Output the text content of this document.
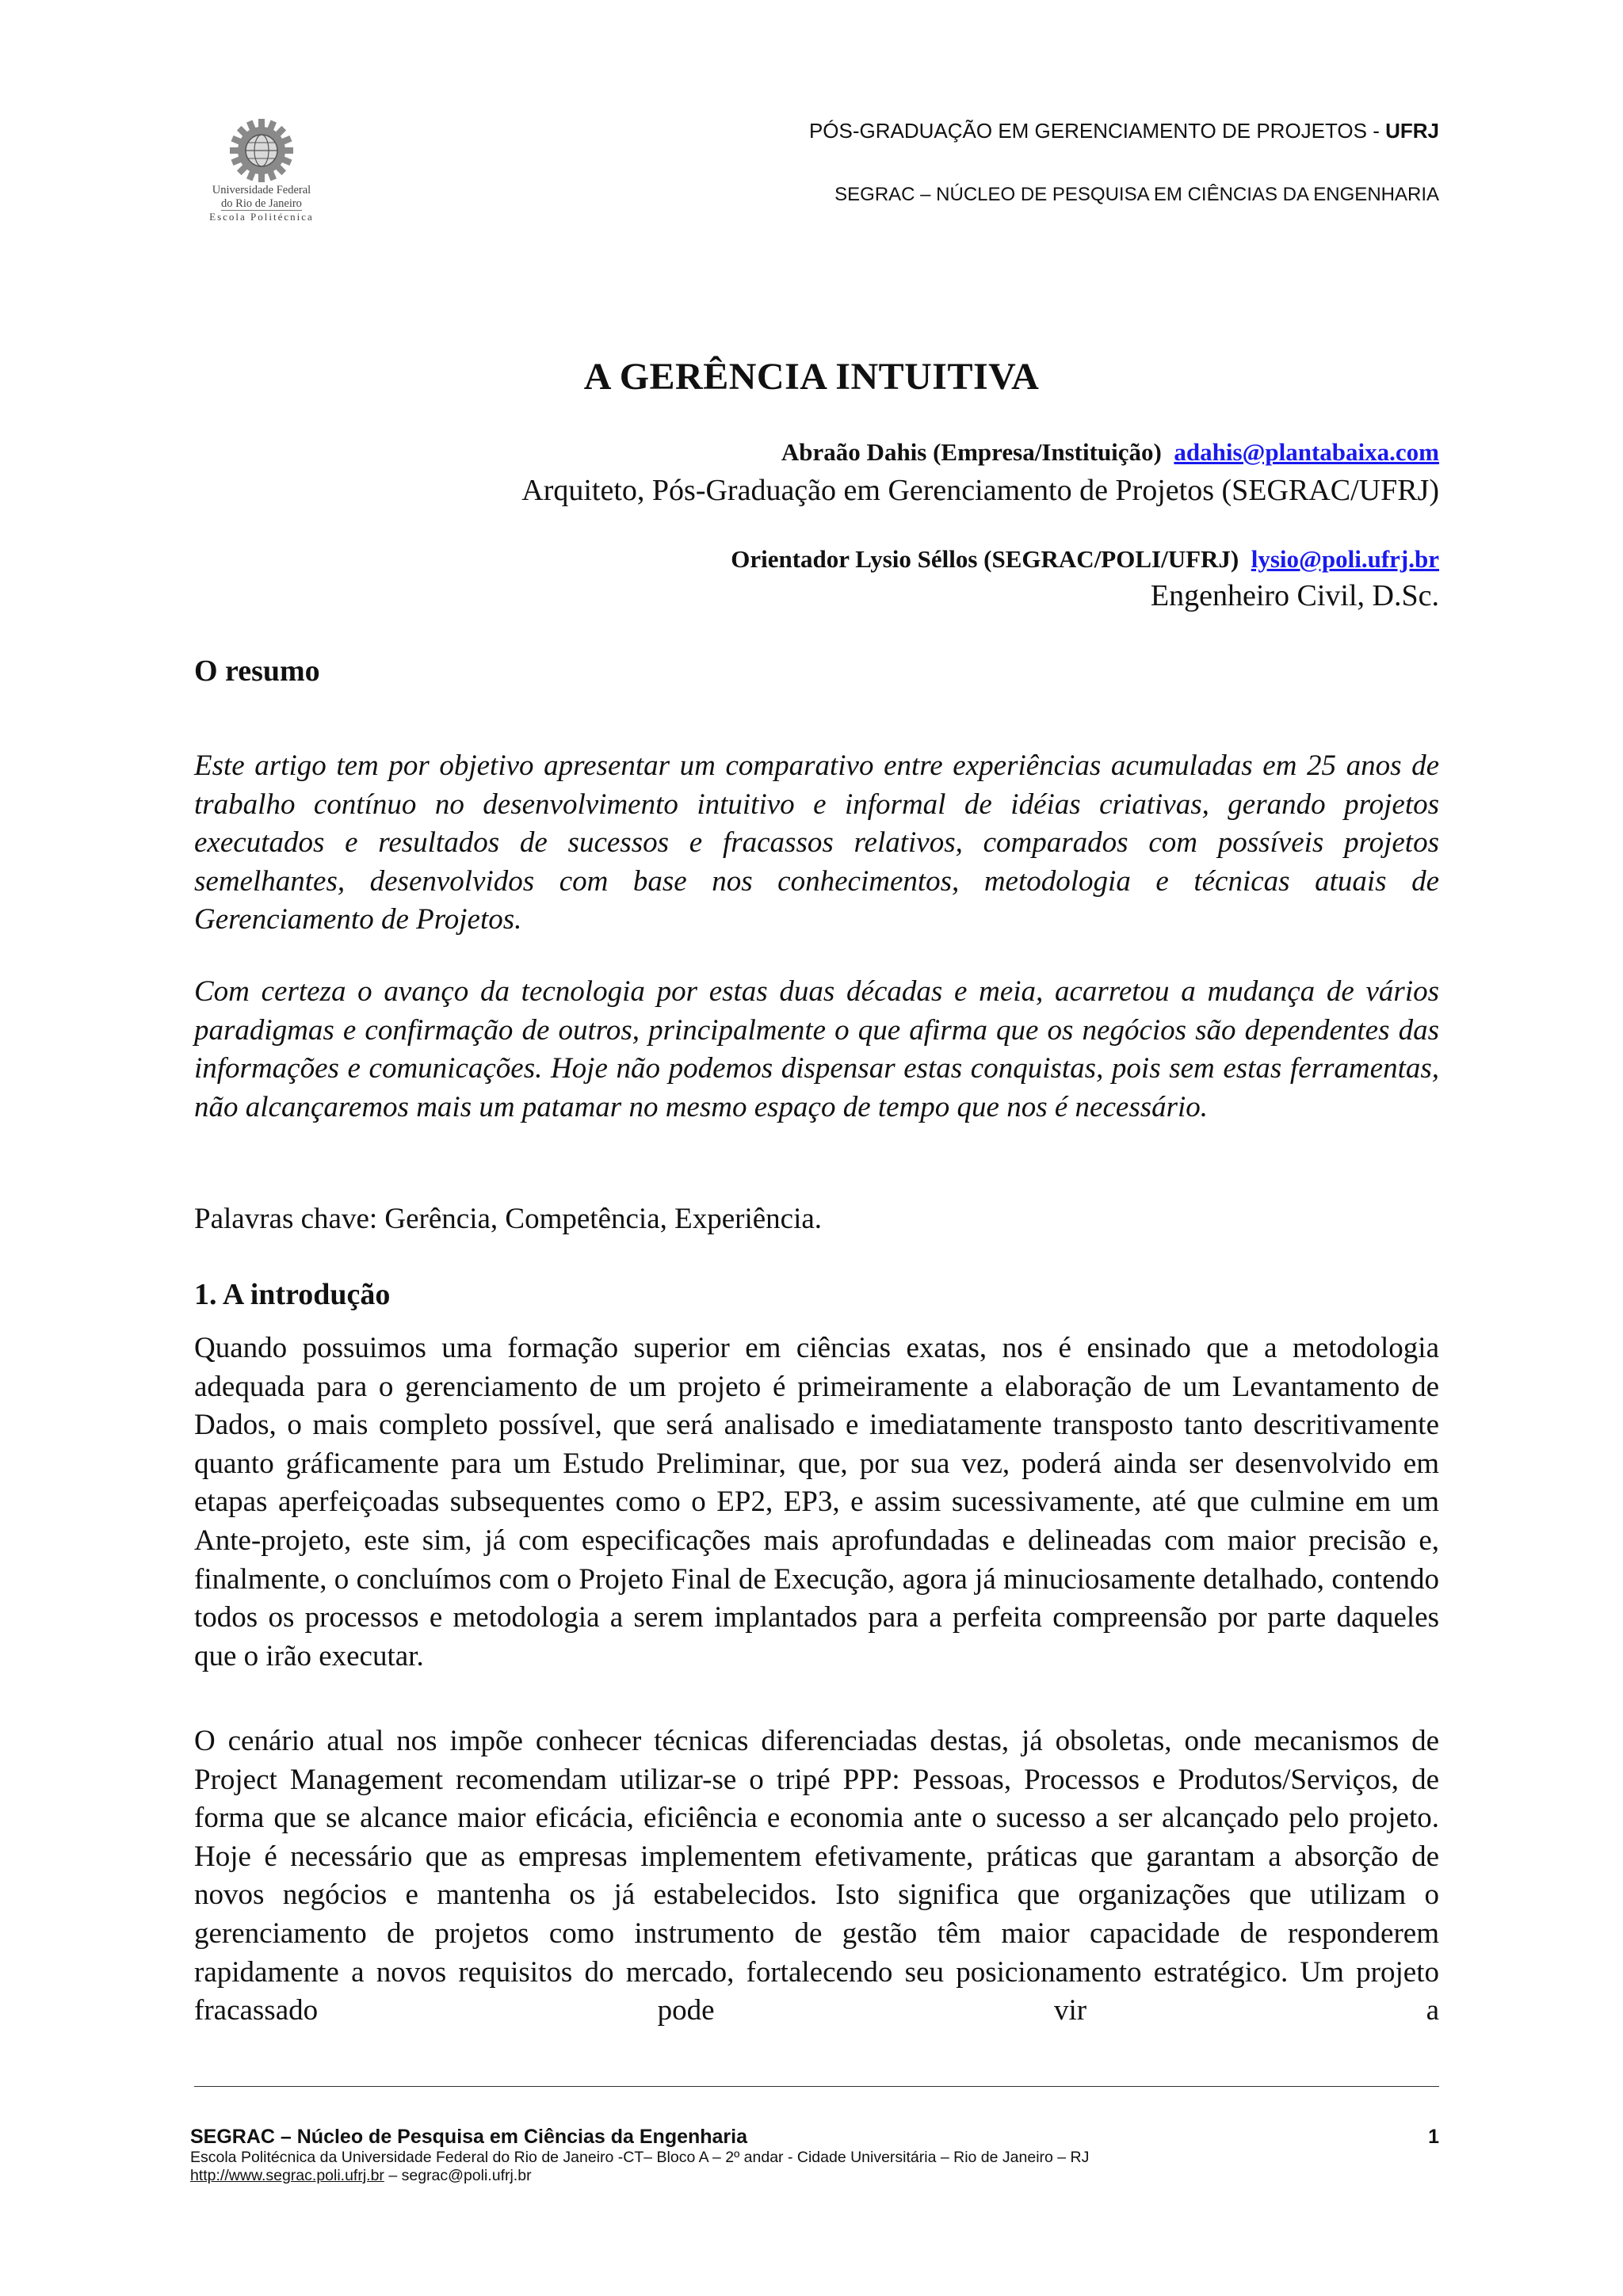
Universidade Federal
do Rio de Janeiro
Escola Politécnica
PÓS-GRADUAÇÃO EM GERENCIAMENTO DE PROJETOS - UFRJ
SEGRAC – NÚCLEO DE PESQUISA EM CIÊNCIAS DA ENGENHARIA
A GERÊNCIA INTUITIVA
Abraão Dahis (Empresa/Instituição) adahis@plantabaixa.com
Arquiteto, Pós-Graduação em Gerenciamento de Projetos (SEGRAC/UFRJ)
Orientador Lysio Séllos (SEGRAC/POLI/UFRJ) lysio@poli.ufrj.br
Engenheiro Civil, D.Sc.
O resumo

Este artigo tem por objetivo apresentar um comparativo entre experiências acumuladas em 25 anos de trabalho contínuo no desenvolvimento intuitivo e informal de idéias criativas, gerando projetos executados e resultados de sucessos e fracassos relativos, comparados com possíveis projetos semelhantes, desenvolvidos com base nos conhecimentos, metodologia e técnicas atuais de Gerenciamento de Projetos.

Com certeza o avanço da tecnologia por estas duas décadas e meia, acarretou a mudança de vários paradigmas e confirmação de outros, principalmente o que afirma que os negócios são dependentes das informações e comunicações. Hoje não podemos dispensar estas conquistas, pois sem estas ferramentas, não alcançaremos mais um patamar no mesmo espaço de tempo que nos é necessário.

Palavras chave: Gerência, Competência, Experiência.

1. A introdução

Quando possuimos uma formação superior em ciências exatas, nos é ensinado que a metodologia adequada para o gerenciamento de um projeto é primeiramente a elaboração de um Levantamento de Dados, o mais completo possível, que será analisado e imediatamente transposto tanto descritivamente quanto gráficamente para um Estudo Preliminar, que, por sua vez, poderá ainda ser desenvolvido em etapas aperfeiçoadas subsequentes como o EP2, EP3, e assim sucessivamente, até que culmine em um Ante-projeto, este sim, já com especificações mais aprofundadas e delineadas com maior precisão e, finalmente, o concluímos com o Projeto Final de Execução, agora já minuciosamente detalhado, contendo todos os processos e metodologia a serem implantados para a perfeita compreensão por parte daqueles que o irão executar.

O cenário atual nos impõe conhecer técnicas diferenciadas destas, já obsoletas, onde mecanismos de Project Management recomendam utilizar-se o tripé PPP: Pessoas, Processos e Produtos/Serviços, de forma que se alcance maior eficácia, eficiência e economia ante o sucesso a ser alcançado pelo projeto. Hoje é necessário que as empresas implementem efetivamente, práticas que garantam a absorção de novos negócios e mantenha os já estabelecidos. Isto significa que organizações que utilizam o gerenciamento de projetos como instrumento de gestão têm maior capacidade de responderem rapidamente a novos requisitos do mercado, fortalecendo seu posicionamento estratégico. Um projeto fracassado pode vir a

SEGRAC – Núcleo de Pesquisa em Ciências da Engenharia	1
Escola Politécnica da Universidade Federal do Rio de Janeiro -CT– Bloco A – 2º andar - Cidade Universitária – Rio de Janeiro – RJ
http://www.segrac.poli.ufrj.br – segrac@poli.ufrj.br
